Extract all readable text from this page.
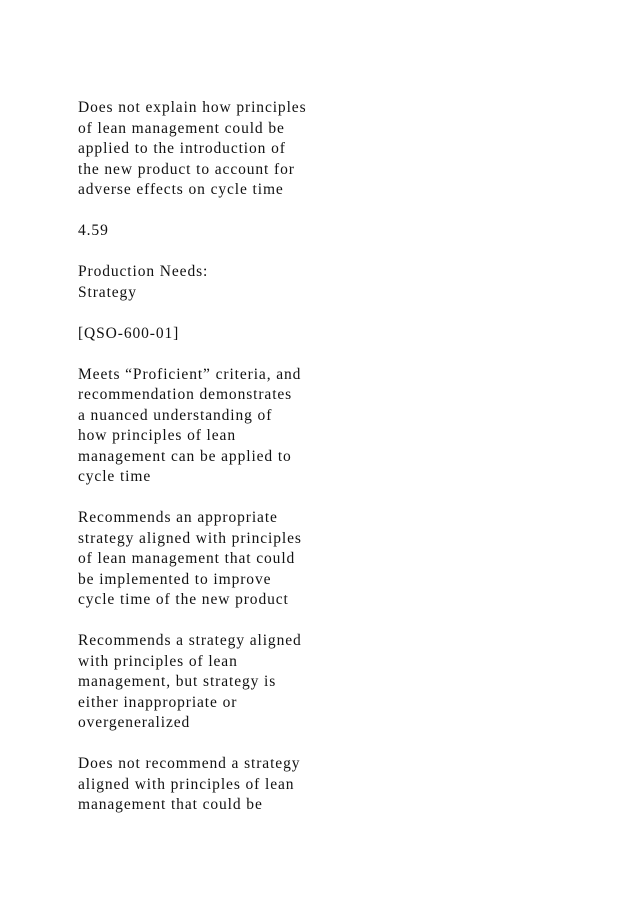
Does not explain how principles
of lean management could be
applied to the introduction of
the new product to account for
adverse effects on cycle time

4.59

Production Needs:
Strategy

[QSO-600-01]

Meets “Proficient” criteria, and
recommendation demonstrates
a nuanced understanding of
how principles of lean
management can be applied to
cycle time

Recommends an appropriate
strategy aligned with principles
of lean management that could
be implemented to improve
cycle time of the new product

Recommends a strategy aligned
with principles of lean
management, but strategy is
either inappropriate or
overgeneralized

Does not recommend a strategy
aligned with principles of lean
management that could be
